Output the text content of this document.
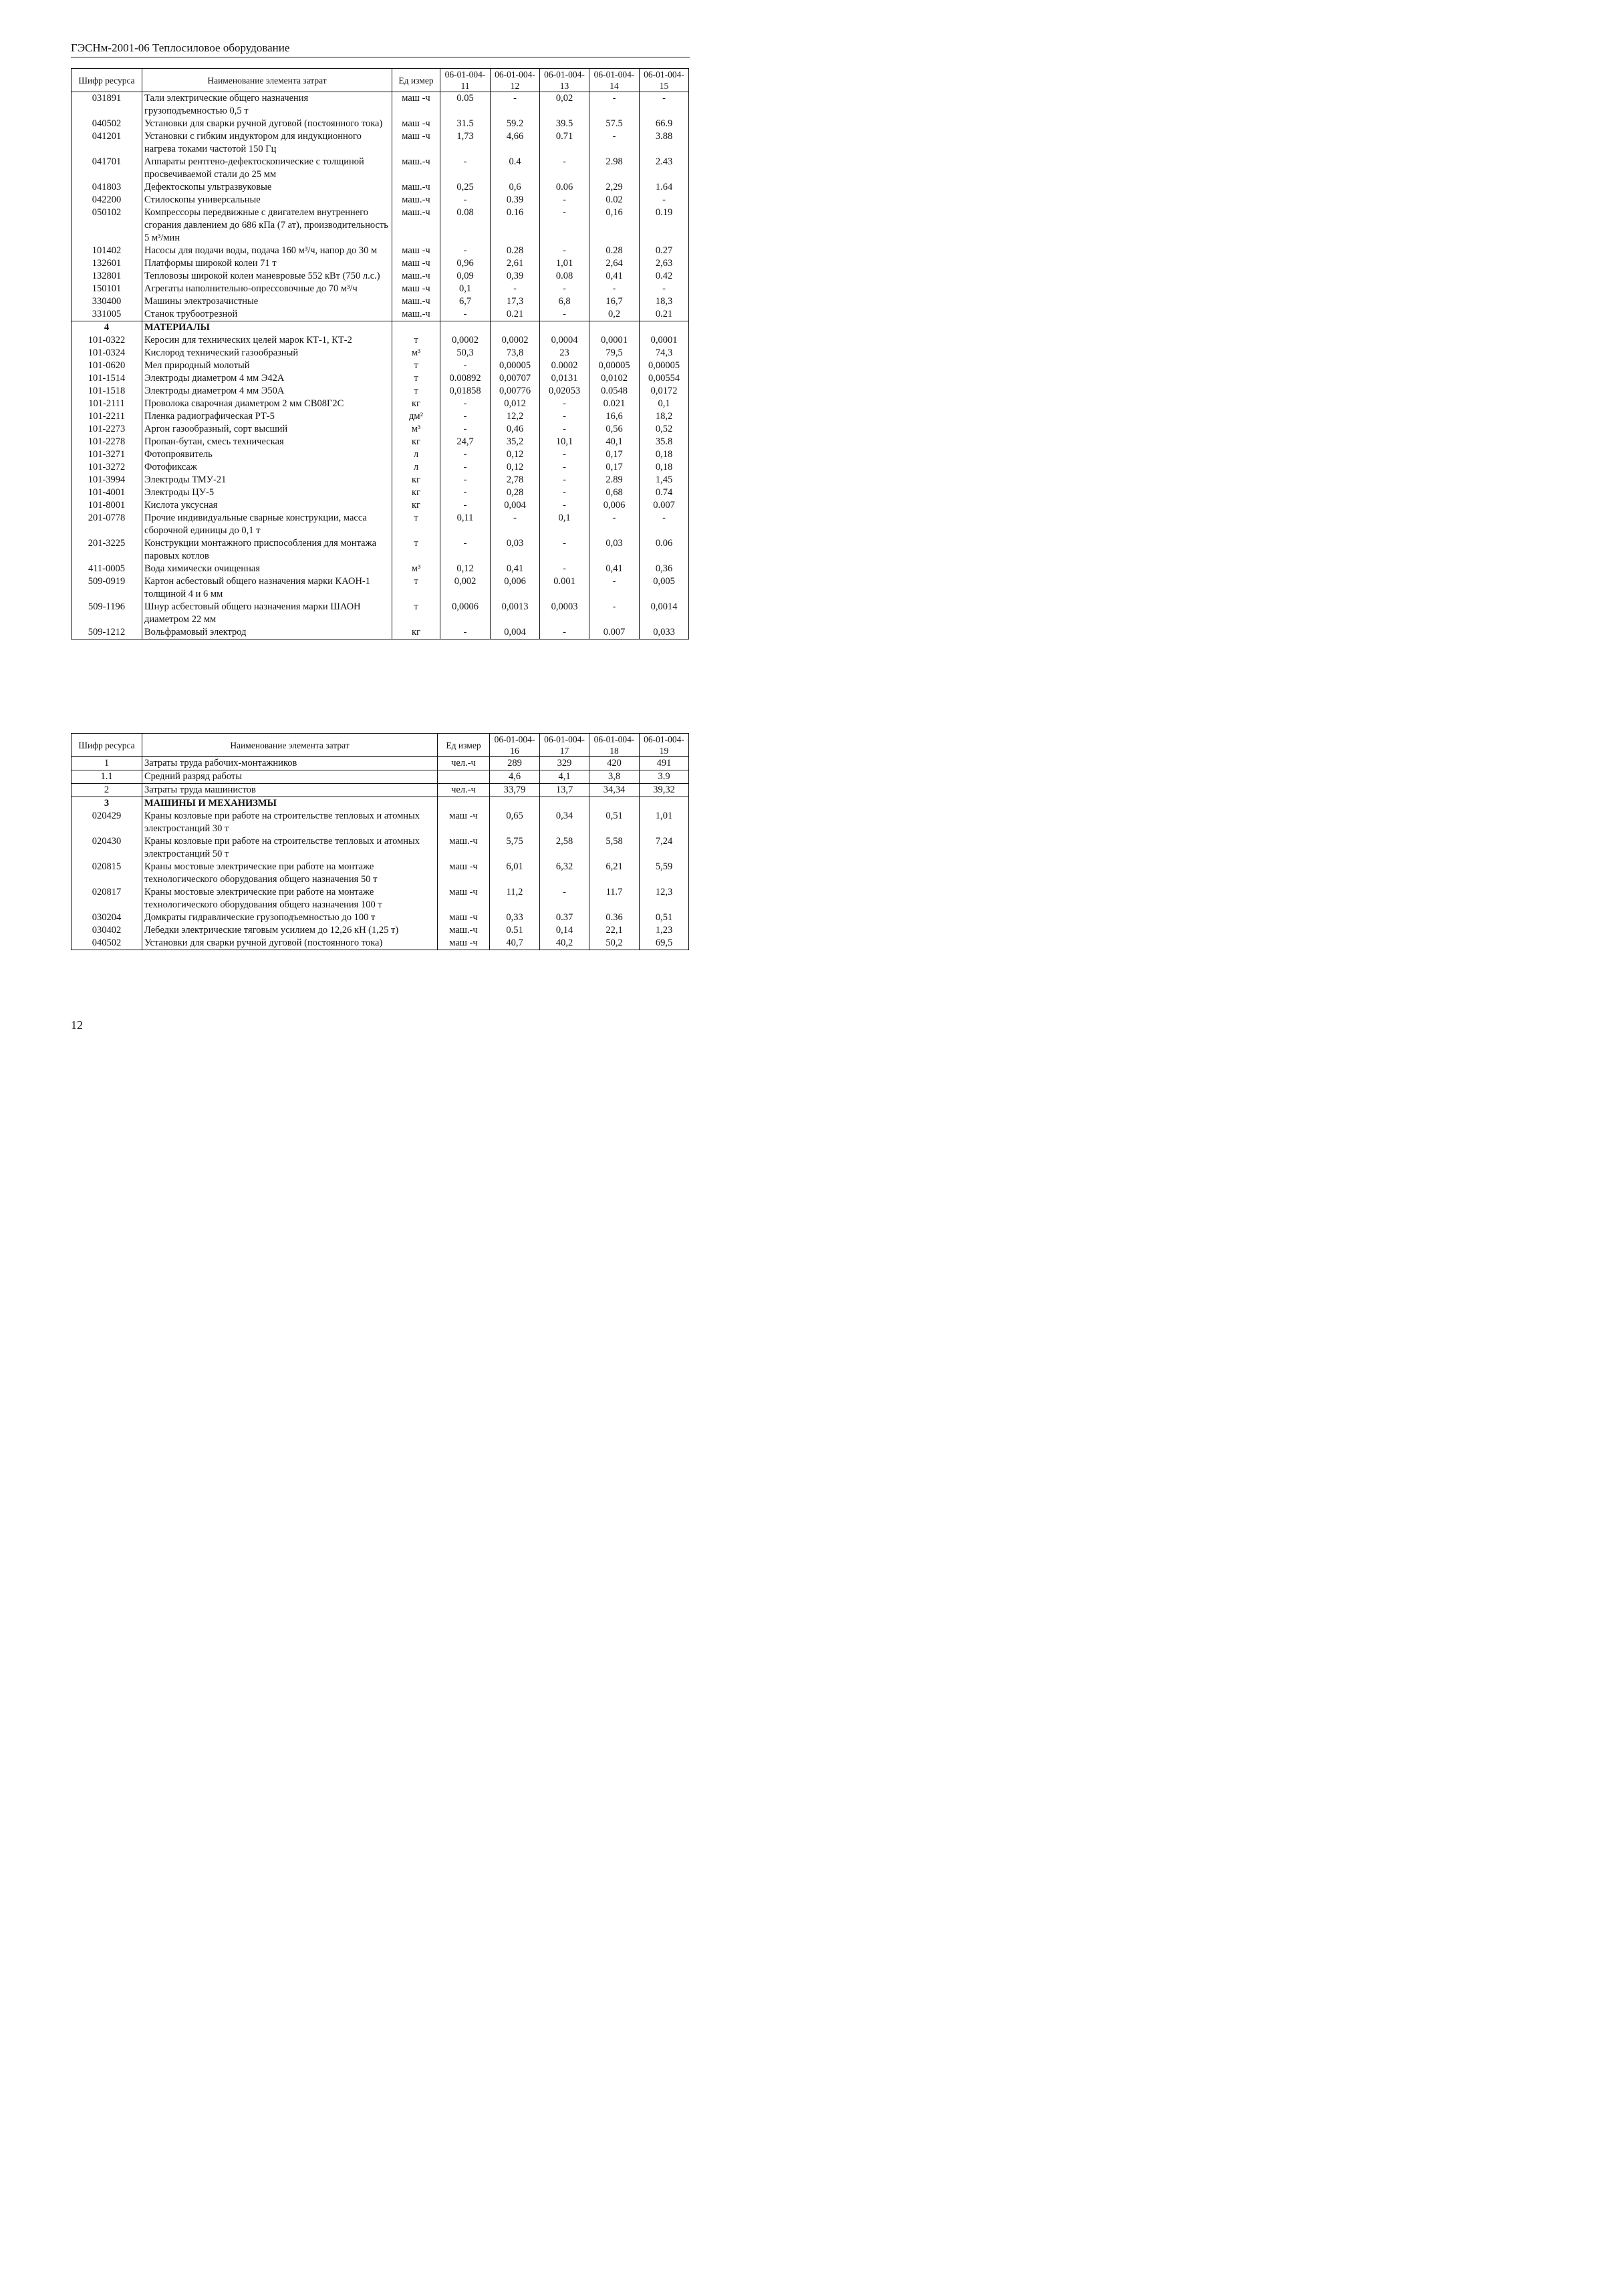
ГЭСНм-2001-06 Теплосиловое оборудование
Шифр ресурса	Наименование элемента затрат	Ед измер	06-01-004-11	06-01-004-12	06-01-004-13	06-01-004-14	06-01-004-15
031891	Тали электрические общего назначения грузоподъемностью 0,5 т	маш -ч	0.05	-	0,02	-	-
040502	Установки для сварки ручной дуговой (постоянного тока)	маш -ч	31.5	59.2	39.5	57.5	66.9
041201	Установки с гибким индуктором для индукционного нагрева токами частотой 150 Гц	маш -ч	1,73	4,66	0.71	-	3.88
041701	Аппараты рентгено-дефектоскопические с толщиной просвечиваемой стали до 25 мм	маш.-ч	-	0.4	-	2.98	2.43
041803	Дефектоскопы ультразвуковые	маш.-ч	0,25	0,6	0.06	2,29	1.64
042200	Стилоскопы универсальные	маш.-ч	-	0.39	-	0.02	-
050102	Компрессоры передвижные с двигателем внутреннего сгорания давлением до 686 кПа (7 ат), производительность 5 м³/мин	маш.-ч	0.08	0.16	-	0,16	0.19
101402	Насосы для подачи воды, подача 160 м³/ч, напор до 30 м	маш -ч	-	0.28	-	0.28	0.27
132601	Платформы широкой колеи 71 т	маш -ч	0,96	2,61	1,01	2,64	2,63
132801	Тепловозы широкой колеи маневровые 552 кВт (750 л.с.)	маш.-ч	0,09	0,39	0.08	0,41	0.42
150101	Агрегаты наполнительно-опрессовочные до 70 м³/ч	маш -ч	0,1	-	-	-	-
330400	Машины электрозачистные	маш.-ч	6,7	17,3	6,8	16,7	18,3
331005	Станок трубоотрезной	маш.-ч	-	0.21	-	0,2	0.21
4	МАТЕРИАЛЫ						
101-0322	Керосин для технических целей марок КТ-1, КТ-2	т	0,0002	0,0002	0,0004	0,0001	0,0001
101-0324	Кислород технический газообразный	м³	50,3	73,8	23	79,5	74,3
101-0620	Мел природный молотый	т	-	0,00005	0.0002	0,00005	0,00005
101-1514	Электроды диаметром 4 мм Э42А	т	0.00892	0,00707	0,0131	0,0102	0,00554
101-1518	Электроды диаметром 4 мм Э50А	т	0,01858	0,00776	0,02053	0.0548	0,0172
101-2111	Проволока сварочная диаметром 2 мм СВ08Г2С	кг	-	0,012	-	0.021	0,1
101-2211	Пленка радиографическая РТ-5	дм²	-	12,2	-	16,6	18,2
101-2273	Аргон газообразный, сорт высший	м³	-	0,46	-	0,56	0,52
101-2278	Пропан-бутан, смесь техническая	кг	24,7	35,2	10,1	40,1	35.8
101-3271	Фотопроявитель	л	-	0,12	-	0,17	0,18
101-3272	Фотофиксаж	л	-	0,12	-	0,17	0,18
101-3994	Электроды ТМУ-21	кг	-	2,78	-	2.89	1,45
101-4001	Электроды ЦУ-5	кг	-	0,28	-	0,68	0.74
101-8001	Кислота уксусная	кг	-	0,004	-	0,006	0.007
201-0778	Прочие индивидуальные сварные конструкции, масса сборочной единицы до 0,1 т	т	0,11	-	0,1	-	-
201-3225	Конструкции монтажного приспособления для монтажа паровых котлов	т	-	0,03	-	0,03	0.06
411-0005	Вода химически очищенная	м³	0,12	0,41	-	0,41	0,36
509-0919	Картон асбестовый общего назначения марки КАОН-1 толщиной 4 и 6 мм	т	0,002	0,006	0.001	-	0,005
509-1196	Шнур асбестовый общего назначения марки ШАОН диаметром 22 мм	т	0,0006	0,0013	0,0003	-	0,0014
509-1212	Вольфрамовый электрод	кг	-	0,004	-	0.007	0,033
Шифр ресурса	Наименование элемента затрат	Ед измер	06-01-004-16	06-01-004-17	06-01-004-18	06-01-004-19
1	Затраты труда рабочих-монтажников	чел.-ч	289	329	420	491
1.1	Средний разряд работы		4,6	4,1	3,8	3.9
2	Затраты труда машинистов	чел.-ч	33,79	13,7	34,34	39,32
3	МАШИНЫ И МЕХАНИЗМЫ					
020429	Краны козловые при работе на строительстве тепловых и атомных электростанций 30 т	маш -ч	0,65	0,34	0,51	1,01
020430	Краны козловые при работе на строительстве тепловых и атомных электростанций 50 т	маш.-ч	5,75	2,58	5,58	7,24
020815	Краны мостовые электрические при работе на монтаже технологического оборудования общего назначения 50 т	маш -ч	6,01	6,32	6,21	5,59
020817	Краны мостовые электрические при работе на монтаже технологического оборудования общего назначения 100 т	маш -ч	11,2	-	11.7	12,3
030204	Домкраты гидравлические грузоподъемностью до 100 т	маш -ч	0,33	0.37	0.36	0,51
030402	Лебедки электрические тяговым усилием до 12,26 кН (1,25 т)	маш.-ч	0.51	0,14	22,1	1,23
040502	Установки для сварки ручной дуговой (постоянного тока)	маш -ч	40,7	40,2	50,2	69,5
12
